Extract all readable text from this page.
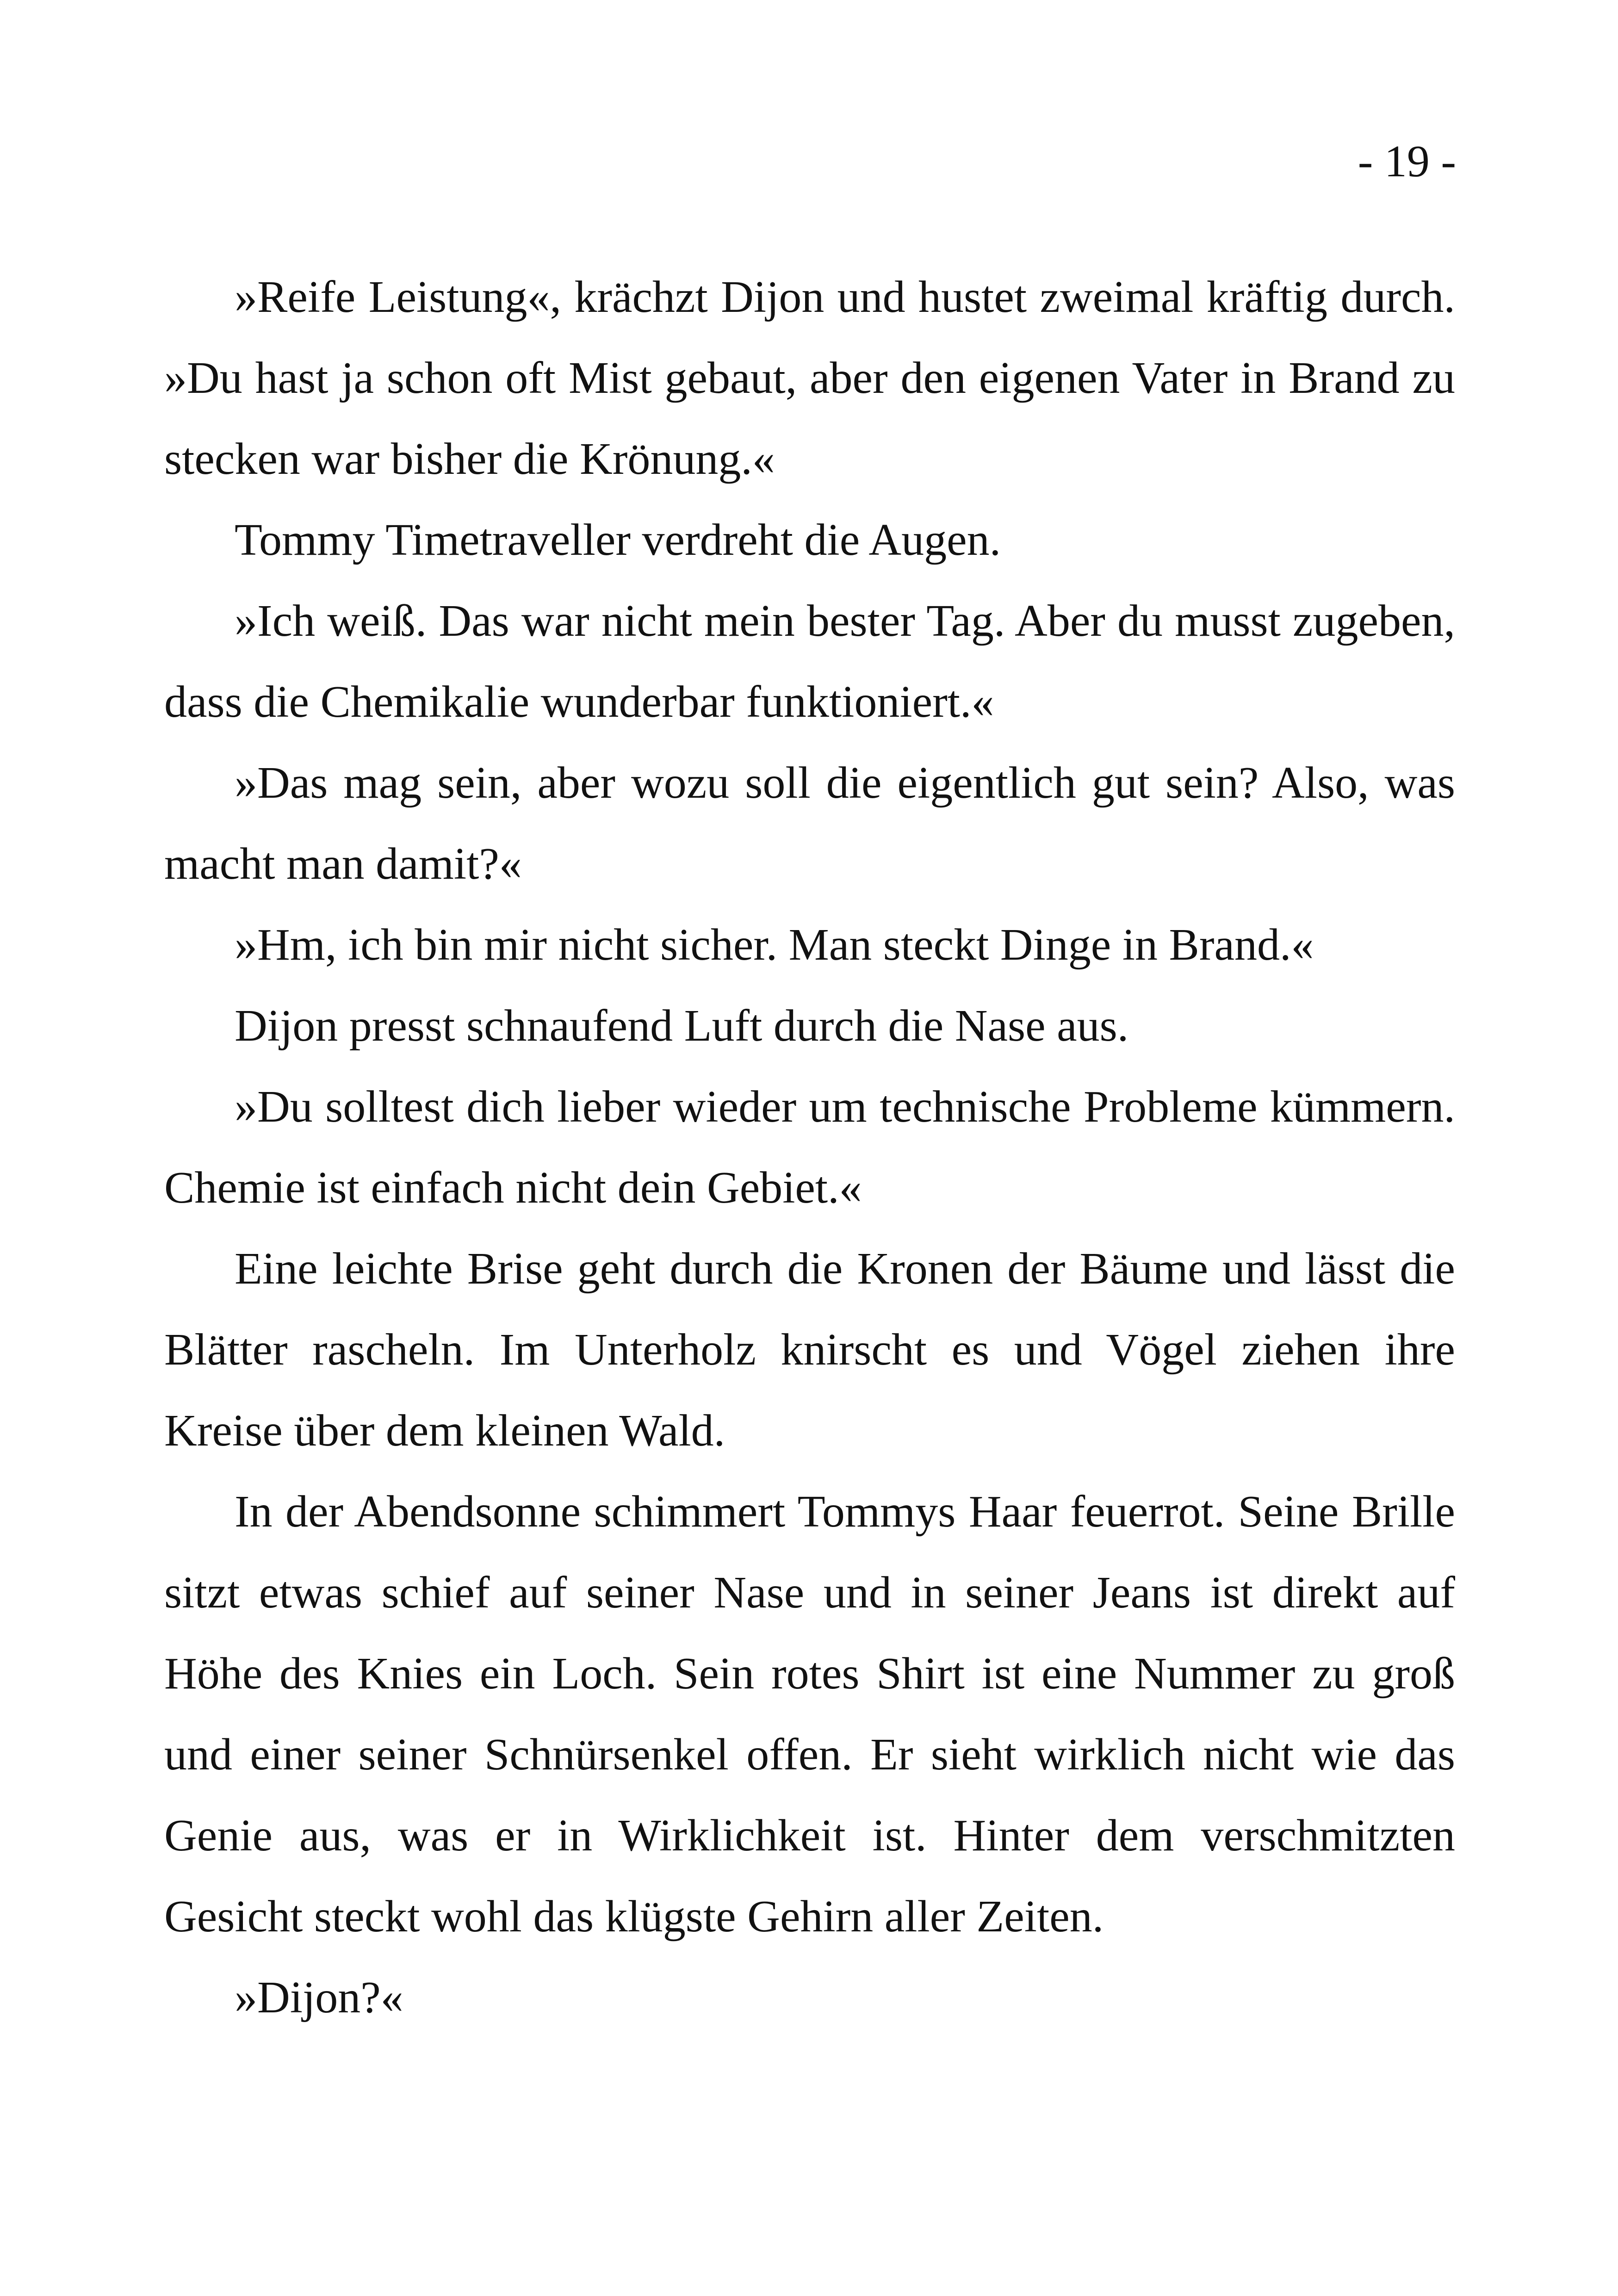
- 19 -

»Reife Leistung«, krächzt Dijon und hustet zweimal kräftig durch. »Du hast ja schon oft Mist gebaut, aber den eigenen Vater in Brand zu stecken war bisher die Krönung.«

Tommy Timetraveller verdreht die Augen.

»Ich weiß. Das war nicht mein bester Tag. Aber du musst zugeben, dass die Chemikalie wunderbar funktioniert.«

»Das mag sein, aber wozu soll die eigentlich gut sein? Also, was macht man damit?«

»Hm, ich bin mir nicht sicher. Man steckt Dinge in Brand.«

Dijon presst schnaufend Luft durch die Nase aus.

»Du solltest dich lieber wieder um technische Probleme kümmern. Chemie ist einfach nicht dein Gebiet.«

Eine leichte Brise geht durch die Kronen der Bäume und lässt die Blätter rascheln. Im Unterholz knirscht es und Vögel ziehen ihre Kreise über dem kleinen Wald.

In der Abendsonne schimmert Tommys Haar feuerrot. Seine Brille sitzt etwas schief auf seiner Nase und in seiner Jeans ist direkt auf Höhe des Knies ein Loch. Sein rotes Shirt ist eine Nummer zu groß und einer seiner Schnürsenkel offen. Er sieht wirklich nicht wie das Genie aus, was er in Wirklichkeit ist. Hinter dem verschmitzten Gesicht steckt wohl das klügste Gehirn aller Zeiten.

»Dijon?«
